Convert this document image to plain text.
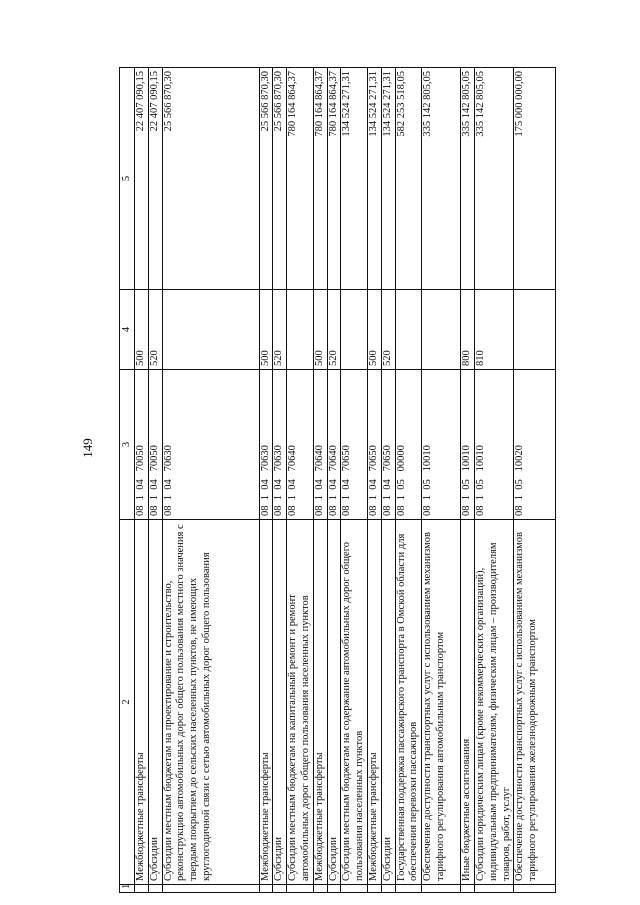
149
1	2	3	4	5
	Межбюджетные трансферты	08  1  04   70050	500	22 407 090,15
	Субсидии	08  1  04   70050	520	22 407 090,15
	Субсидии местным бюджетам на проектирование и строительство, реконструкцию автомобильных дорог общего пользования местного значения с твердым покрытием до сельских населенных пунктов, не имеющих круглогодичной связи с сетью автомобильных дорог общего пользования	08  1  04   70630		25 566 870,30
	Межбюджетные трансферты	08  1  04   70630	500	25 566 870,30
	Субсидии	08  1  04   70630	520	25 566 870,30
	Субсидии местным бюджетам на капитальный ремонт и ремонт автомобильных дорог общего пользования населенных пунктов	08  1  04   70640		780 164 864,37
	Межбюджетные трансферты	08  1  04   70640	500	780 164 864,37
	Субсидии	08  1  04   70640	520	780 164 864,37
	Субсидии местным бюджетам на содержание автомобильных дорог общего пользования населенных пунктов	08  1  04   70650		134 524 271,31
	Межбюджетные трансферты	08  1  04   70650	500	134 524 271,31
	Субсидии	08  1  04   70650	520	134 524 271,31
	Государственная поддержка пассажирского транспорта в Омской области для обеспечения перевозки пассажиров	08  1  05   00000		582 253 518,05
	Обеспечение доступности транспортных услуг с использованием механизмов тарифного регулирования автомобильным транспортом	08  1  05   10010		335 142 805,05
	Иные бюджетные ассигнования	08  1  05   10010	800	335 142 805,05
	Субсидии юридическим лицам (кроме некоммерческих организаций), индивидуальным предпринимателям, физическим лицам – производителям товаров, работ, услуг	08  1  05   10010	810	335 142 805,05
	Обеспечение доступности транспортных услуг с использованием механизмов тарифного регулирования железнодорожным транспортом	08  1  05   10020		175 000 000,00
